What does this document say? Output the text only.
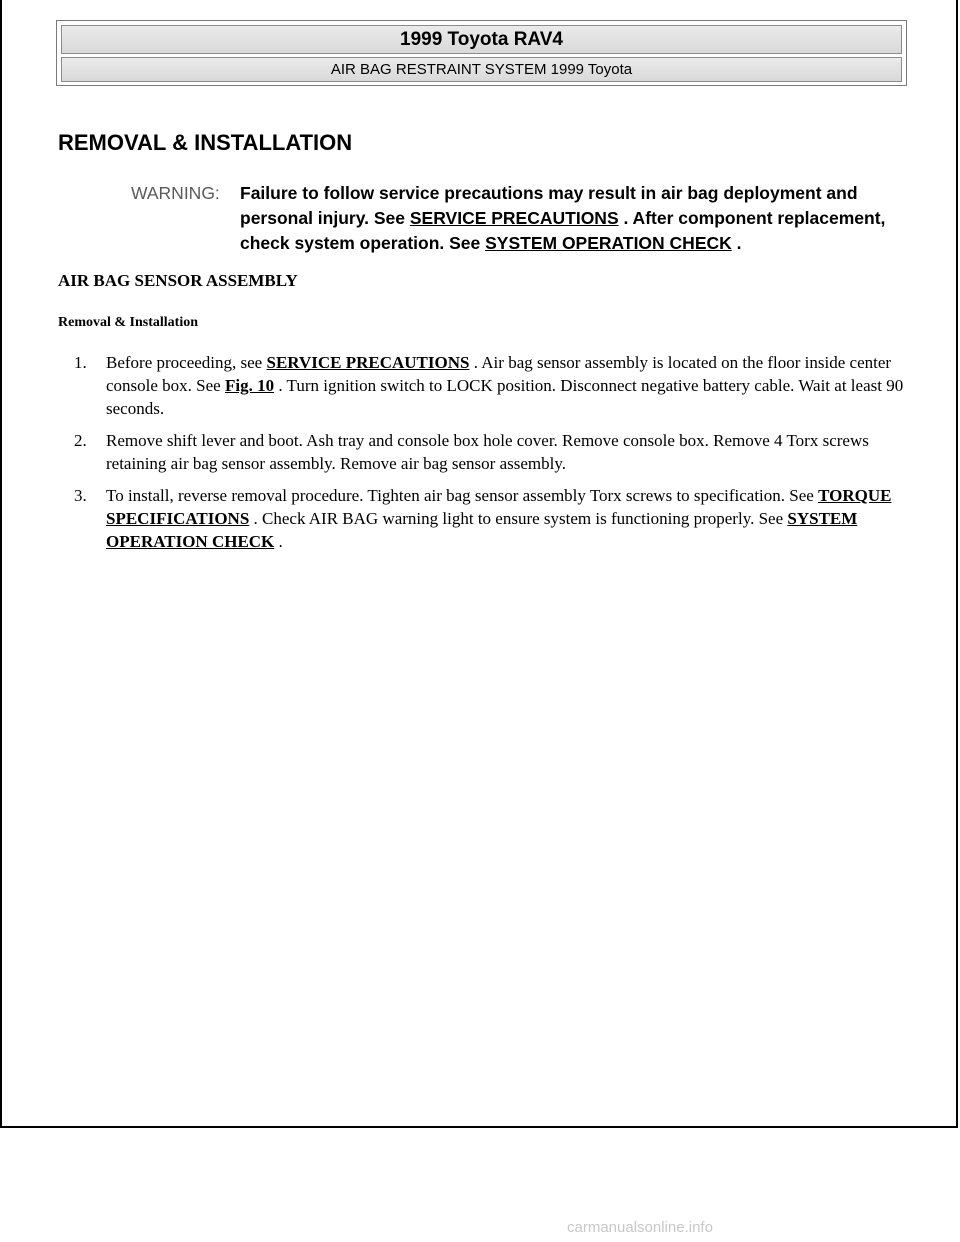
1999 Toyota RAV4
AIR BAG RESTRAINT SYSTEM 1999 Toyota
REMOVAL & INSTALLATION
WARNING: Failure to follow service precautions may result in air bag deployment and personal injury. See SERVICE PRECAUTIONS . After component replacement, check system operation. See SYSTEM OPERATION CHECK .
AIR BAG SENSOR ASSEMBLY
Removal & Installation
1. Before proceeding, see SERVICE PRECAUTIONS . Air bag sensor assembly is located on the floor inside center console box. See Fig. 10 . Turn ignition switch to LOCK position. Disconnect negative battery cable. Wait at least 90 seconds.
2. Remove shift lever and boot. Ash tray and console box hole cover. Remove console box. Remove 4 Torx screws retaining air bag sensor assembly. Remove air bag sensor assembly.
3. To install, reverse removal procedure. Tighten air bag sensor assembly Torx screws to specification. See TORQUE SPECIFICATIONS . Check AIR BAG warning light to ensure system is functioning properly. See SYSTEM OPERATION CHECK .
carmanualsonline.info
